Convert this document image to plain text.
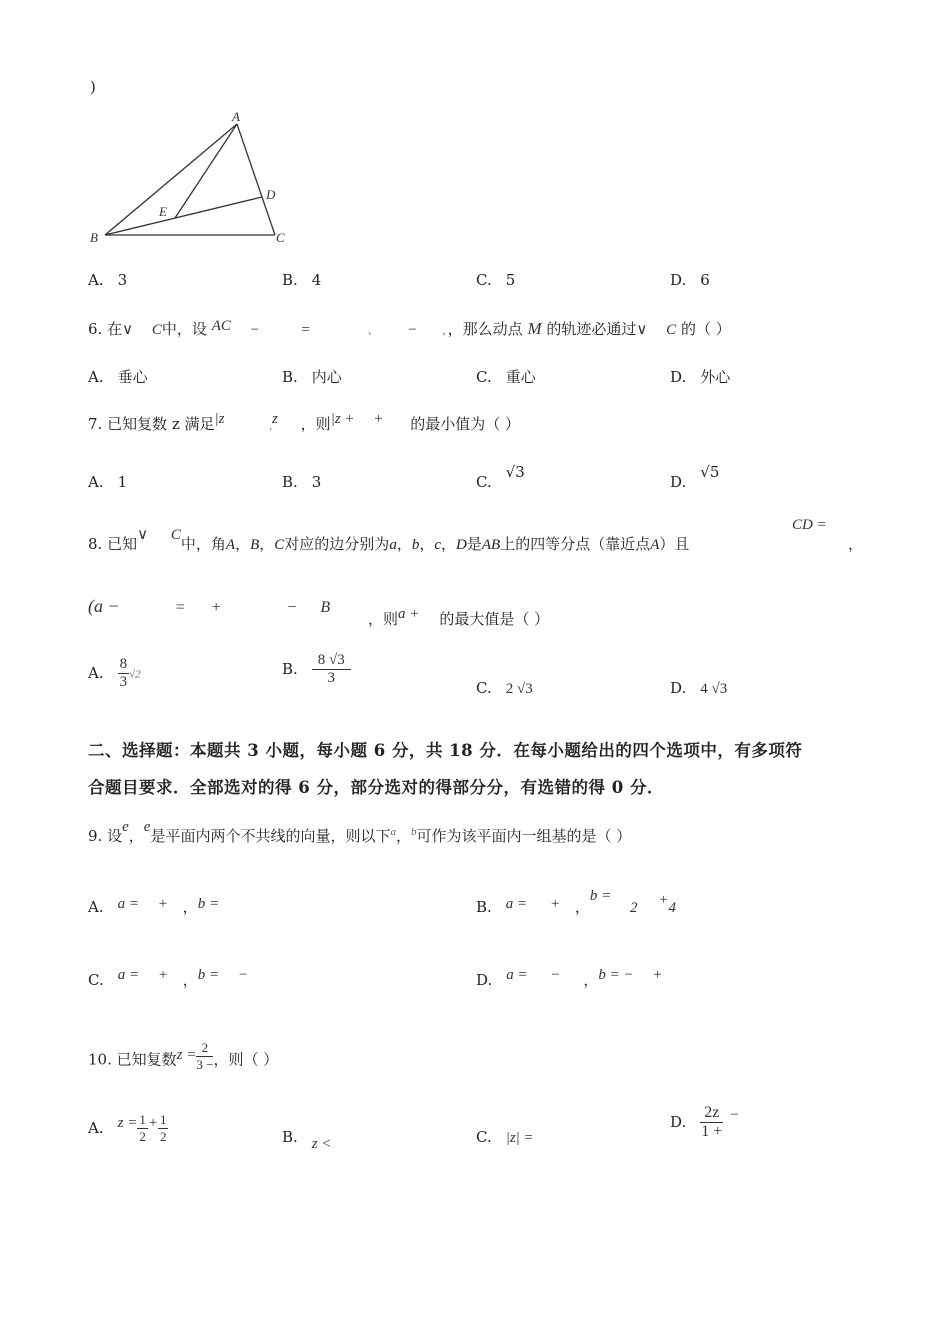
)
A
B	C
D
E
A. 3	B. 4	C. 5	D. 6
6. 在∨ C中，设 AC −	=	、 − ，，那么动点 M 的轨迹必通过∨ C 的（ ）
A. 垂心	B. 内心	C. 重心	D. 外心
7. 已知复数 z 满足|z	,z ，则|z + + 的最小值为（ ）
A. 1	B. 3	C.√3
D.√5
8. 已知∨ C中，角A，B，C对应的边分别为a，b，c，D是AB上的四等分点（靠近点A）且
CD =
，
(a −	= +	− B
，则a + 的最大值是（ ）
A. $\frac{8}{3} √2$	B. $\frac{8 √3}{3}$
C. 2 √3	D. 4 √3
二、选择题：本题共 3 小题，每小题 6 分，共 18 分．在每小题给出的四个选项中，有多项符
合题目要求．全部选对的得 6 分，部分选对的得部分分，有选错的得 0 分．
9. 设e，e是平面内两个不共线的向量，则以下$^a$，$^b$可作为该平面内一组基的是（ ）
A. a = + ，b =	B. a = + ，b = 2 +4
C. a = + ，b = −	D. a = − ，b = − +
10. 已知复数$z = \frac{2}{3 -}$ ，则（ ）
A. $z = \frac{1}{2} + \frac{1}{2}$	B. z <	C. |z| =
D. $\frac{2z}{1 +}$ −
